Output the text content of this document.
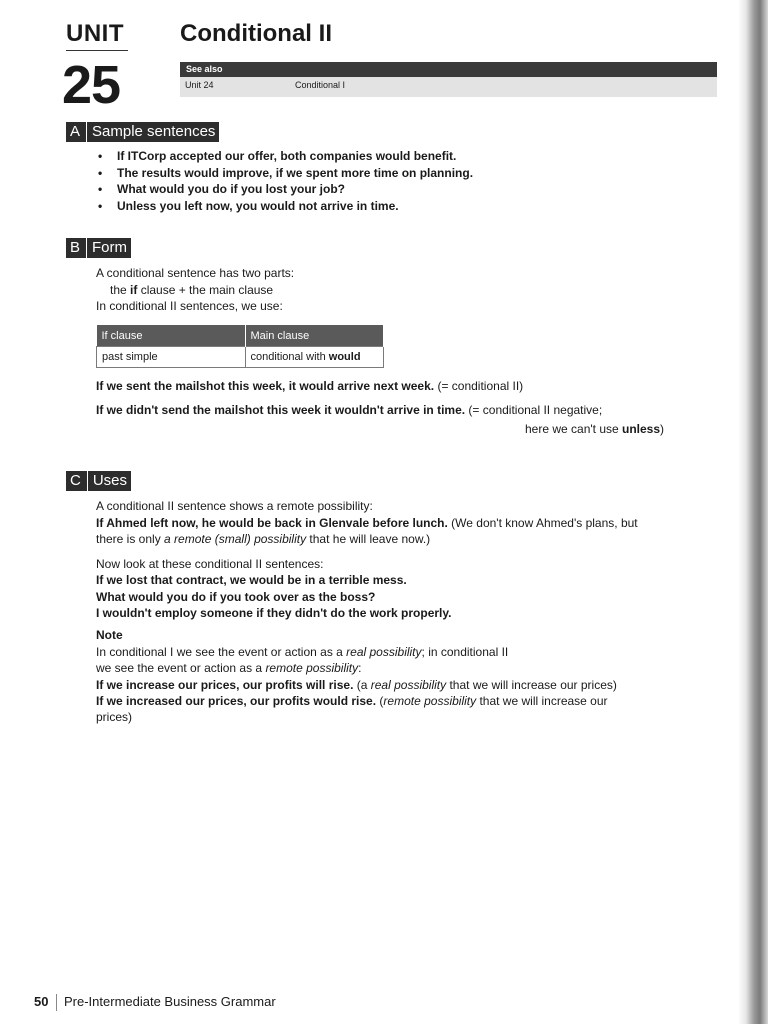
UNIT
25
Conditional II
See also
Unit 24	Conditional I
A Sample sentences
• If ITCorp accepted our offer, both companies would benefit.
• The results would improve, if we spent more time on planning.
• What would you do if you lost your job?
• Unless you left now, you would not arrive in time.
B Form
A conditional sentence has two parts:
the if clause + the main clause
In conditional II sentences, we use:
If clause	Main clause
past simple	conditional with would
If we sent the mailshot this week, it would arrive next week. (= conditional II)
If we didn't send the mailshot this week it wouldn't arrive in time. (= conditional II negative;
here we can't use unless)
C Uses
A conditional II sentence shows a remote possibility:
If Ahmed left now, he would be back in Glenvale before lunch. (We don't know Ahmed's plans, but
there is only a remote (small) possibility that he will leave now.)
Now look at these conditional II sentences:
If we lost that contract, we would be in a terrible mess.
What would you do if you took over as the boss?
I wouldn't employ someone if they didn't do the work properly.
Note
In conditional I we see the event or action as a real possibility; in conditional II
we see the event or action as a remote possibility:
If we increase our prices, our profits will rise. (a real possibility that we will increase our prices)
If we increased our prices, our profits would rise. (remote possibility that we will increase our
prices)
50 Pre-Intermediate Business Grammar
